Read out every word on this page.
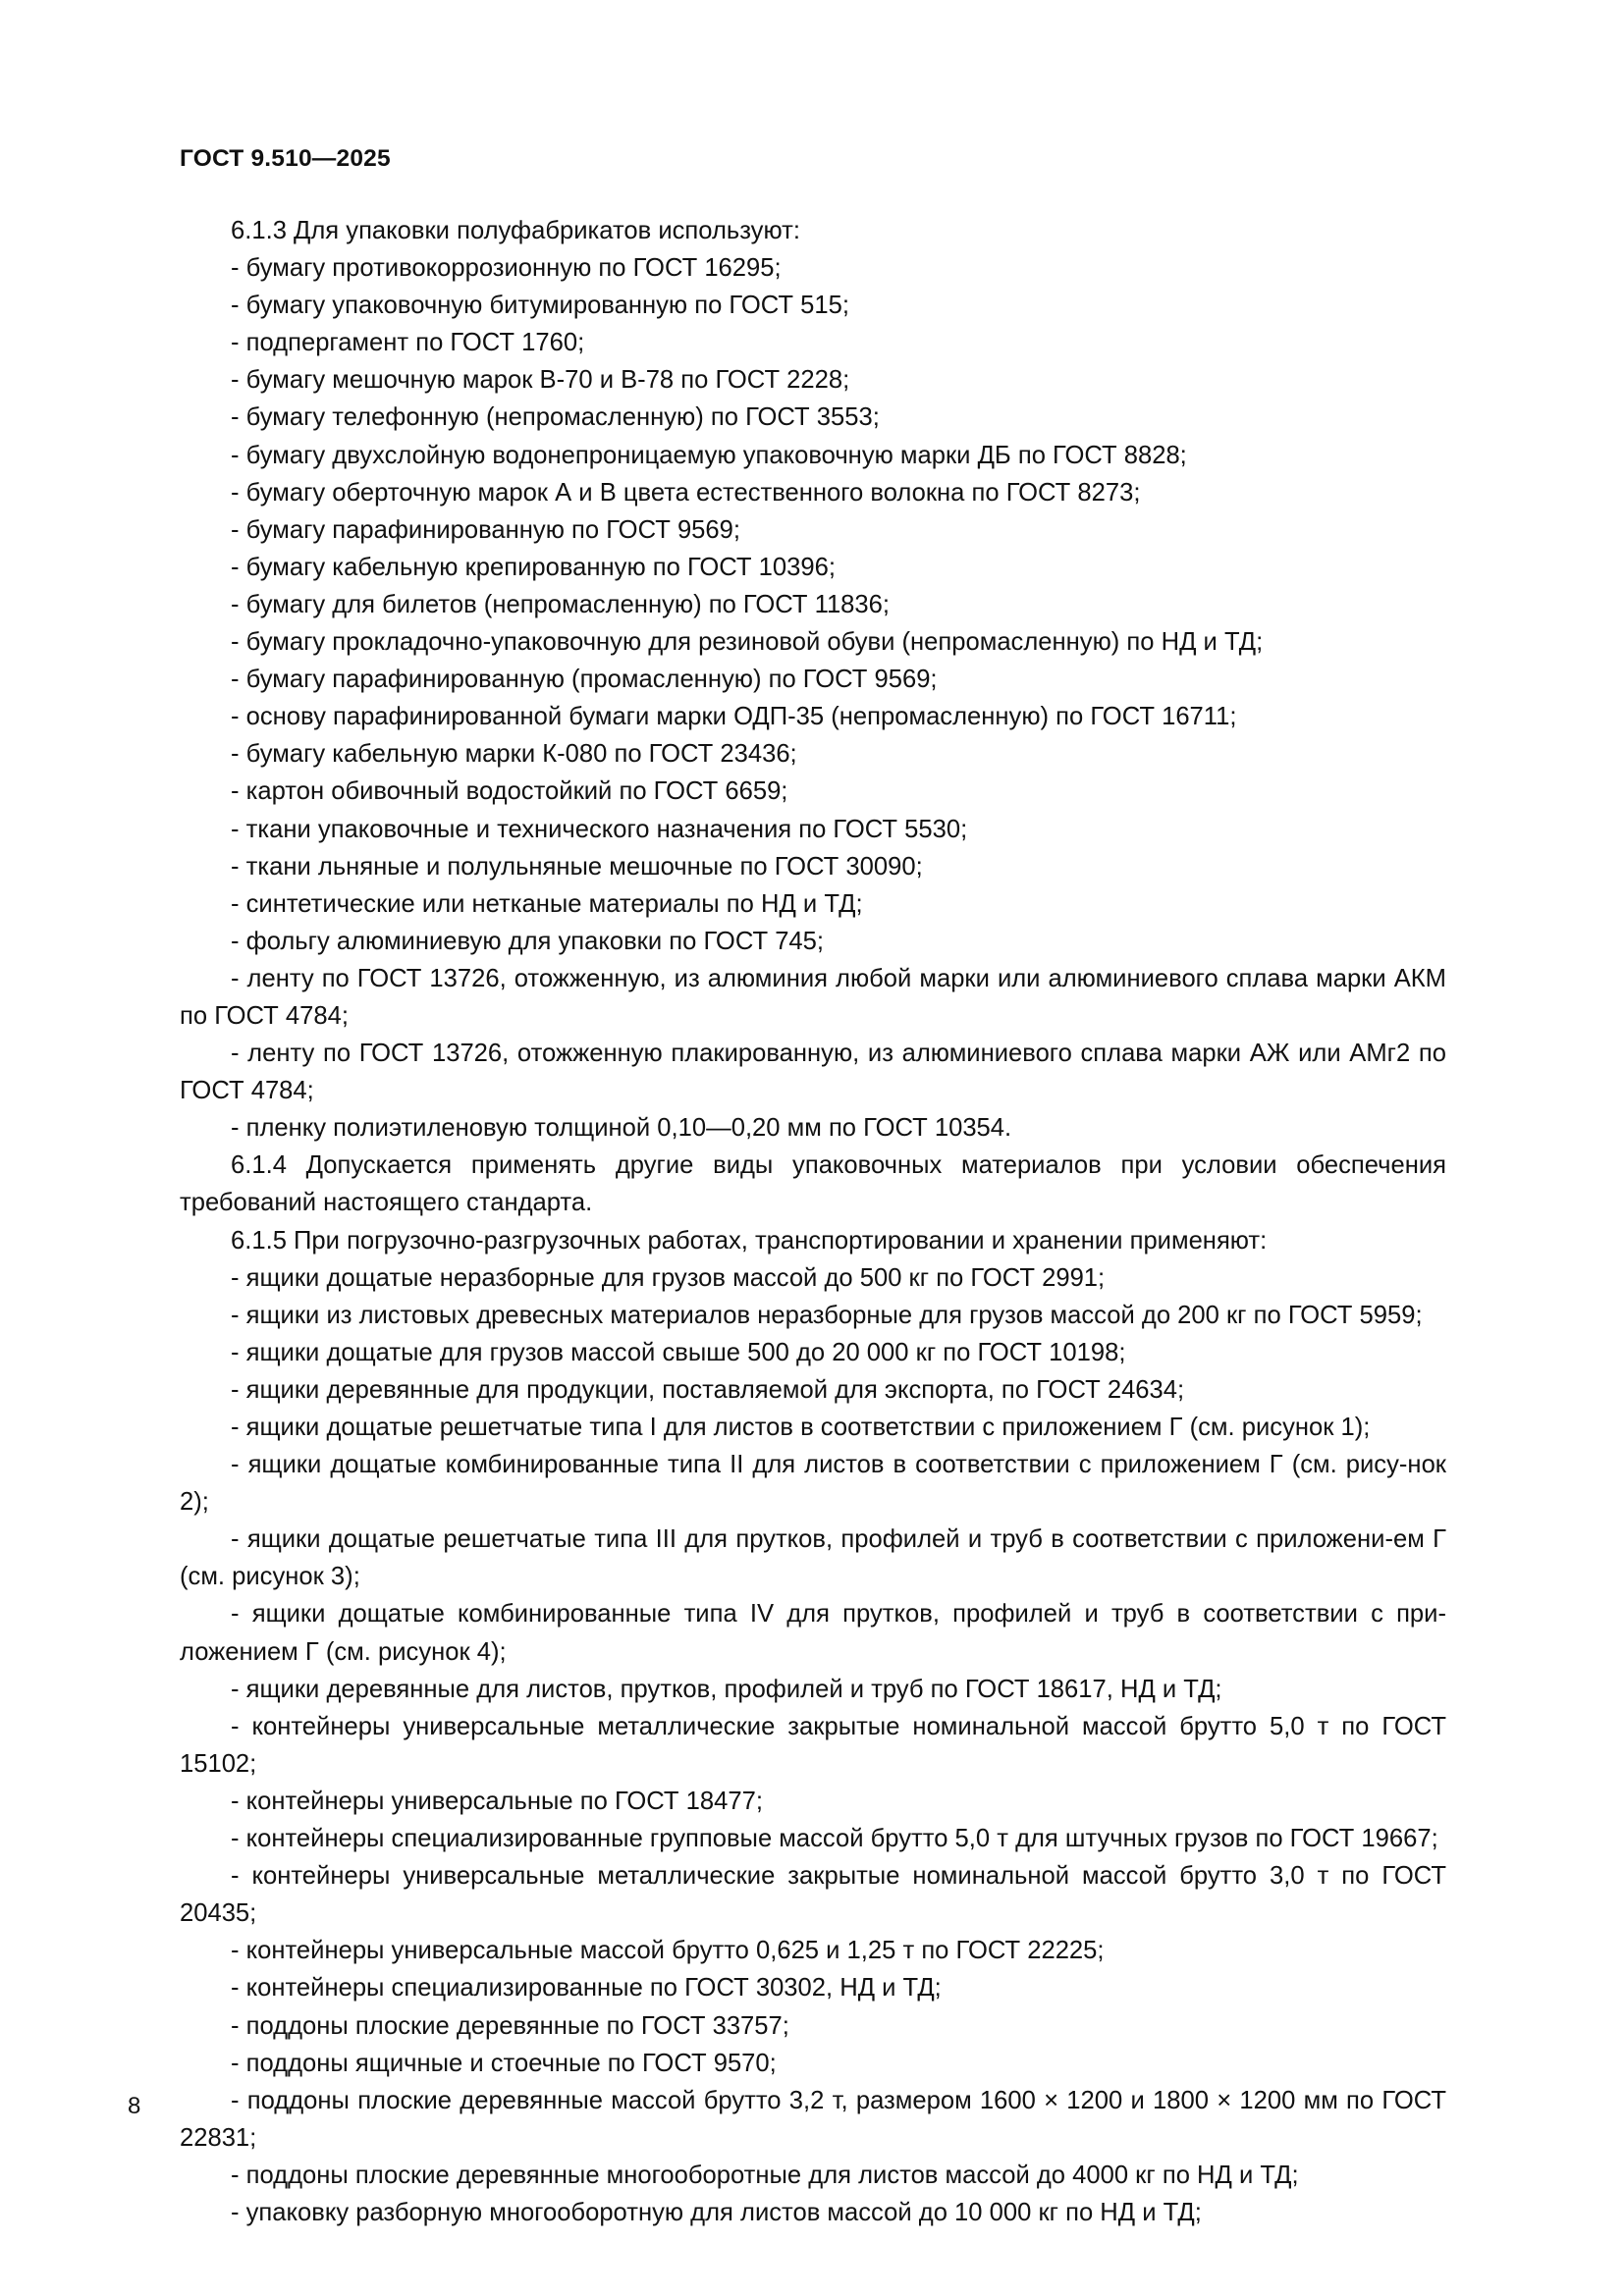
ГОСТ 9.510—2025

6.1.3 Для упаковки полуфабрикатов используют:

- бумагу противокоррозионную по ГОСТ 16295;

- бумагу упаковочную битумированную по ГОСТ 515;

- подпергамент по ГОСТ 1760;

- бумагу мешочную марок В-70 и В-78 по ГОСТ 2228;

- бумагу телефонную (непромасленную) по ГОСТ 3553;

- бумагу двухслойную водонепроницаемую упаковочную марки ДБ по ГОСТ 8828;

- бумагу оберточную марок А и В цвета естественного волокна по ГОСТ 8273;

- бумагу парафинированную по ГОСТ 9569;

- бумагу кабельную крепированную по ГОСТ 10396;

- бумагу для билетов (непромасленную) по ГОСТ 11836;

- бумагу прокладочно-упаковочную для резиновой обуви (непромасленную) по НД и ТД;

- бумагу парафинированную (промасленную) по ГОСТ 9569;

- основу парафинированной бумаги марки ОДП-35 (непромасленную) по ГОСТ 16711;

- бумагу кабельную марки К-080 по ГОСТ 23436;

- картон обивочный водостойкий по ГОСТ 6659;

- ткани упаковочные и технического назначения по ГОСТ 5530;

- ткани льняные и полульняные мешочные по ГОСТ 30090;

- синтетические или нетканые материалы по НД и ТД;

- фольгу алюминиевую для упаковки по ГОСТ 745;

- ленту по ГОСТ 13726, отожженную, из алюминия любой марки или алюминиевого сплава марки АКМ по ГОСТ 4784;

- ленту по ГОСТ 13726, отожженную плакированную, из алюминиевого сплава марки АЖ или АМг2 по ГОСТ 4784;

- пленку полиэтиленовую толщиной 0,10—0,20 мм по ГОСТ 10354.

6.1.4 Допускается применять другие виды упаковочных материалов при условии обеспечения требований настоящего стандарта.

6.1.5 При погрузочно-разгрузочных работах, транспортировании и хранении применяют:

- ящики дощатые неразборные для грузов массой до 500 кг по ГОСТ 2991;

- ящики из листовых древесных материалов неразборные для грузов массой до 200 кг по ГОСТ 5959;

- ящики дощатые для грузов массой свыше 500 до 20 000 кг по ГОСТ 10198;

- ящики деревянные для продукции, поставляемой для экспорта, по ГОСТ 24634;

- ящики дощатые решетчатые типа I для листов в соответствии с приложением Г (см. рисунок 1);

- ящики дощатые комбинированные типа II для листов в соответствии с приложением Г (см. рису-нок 2);

- ящики дощатые решетчатые типа III для прутков, профилей и труб в соответствии с приложени-ем Г (см. рисунок 3);

- ящики дощатые комбинированные типа IV для прутков, профилей и труб в соответствии с при-ложением Г (см. рисунок 4);

- ящики деревянные для листов, прутков, профилей и труб по ГОСТ 18617, НД и ТД;

- контейнеры универсальные металлические закрытые номинальной массой брутто 5,0 т по ГОСТ 15102;

- контейнеры универсальные по ГОСТ 18477;

- контейнеры специализированные групповые массой брутто 5,0 т для штучных грузов по ГОСТ 19667;

- контейнеры универсальные металлические закрытые номинальной массой брутто 3,0 т по ГОСТ 20435;

- контейнеры универсальные массой брутто 0,625 и 1,25 т по ГОСТ 22225;

- контейнеры специализированные по ГОСТ 30302, НД и ТД;

- поддоны плоские деревянные по ГОСТ 33757;

- поддоны ящичные и стоечные по ГОСТ 9570;

- поддоны плоские деревянные массой брутто 3,2 т, размером 1600 × 1200 и 1800 × 1200 мм по ГОСТ 22831;

- поддоны плоские деревянные многооборотные для листов массой до 4000 кг по НД и ТД;

- упаковку разборную многооборотную для листов массой до 10 000 кг по НД и ТД;

8
